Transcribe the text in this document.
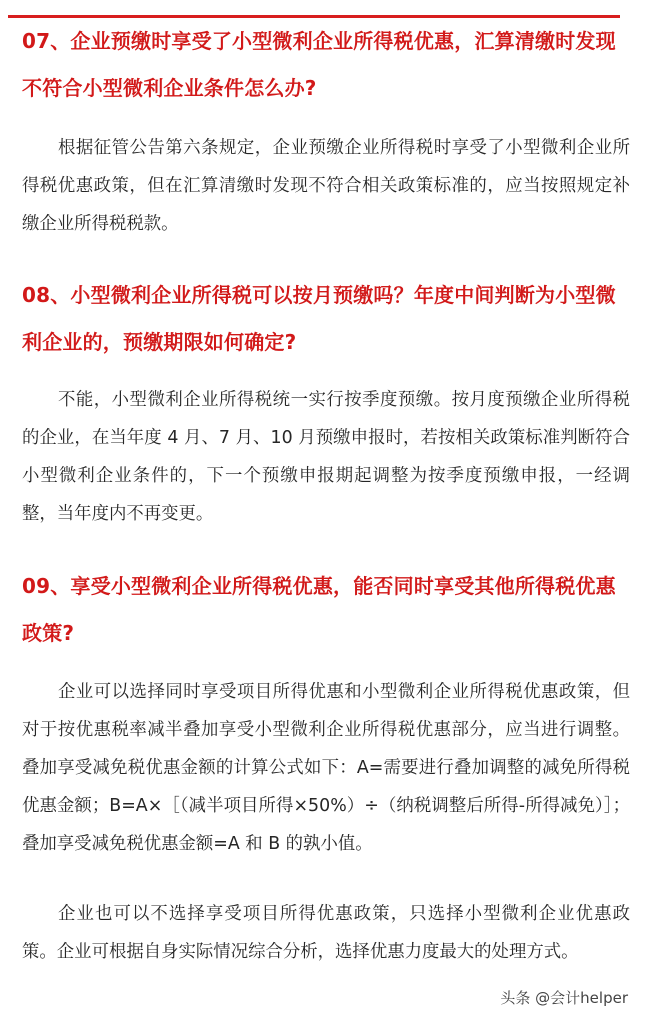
07、企业预缴时享受了小型微利企业所得税优惠，汇算清缴时发现不符合小型微利企业条件怎么办?

根据征管公告第六条规定，企业预缴企业所得税时享受了小型微利企业所得税优惠政策，但在汇算清缴时发现不符合相关政策标准的，应当按照规定补缴企业所得税税款。

08、小型微利企业所得税可以按月预缴吗？年度中间判断为小型微利企业的，预缴期限如何确定?

不能，小型微利企业所得税统一实行按季度预缴。按月度预缴企业所得税的企业，在当年度 4 月、7 月、10 月预缴申报时，若按相关政策标准判断符合小型微利企业条件的，下一个预缴申报期起调整为按季度预缴申报，一经调整，当年度内不再变更。

09、享受小型微利企业所得税优惠，能否同时享受其他所得税优惠政策?

企业可以选择同时享受项目所得优惠和小型微利企业所得税优惠政策，但对于按优惠税率减半叠加享受小型微利企业所得税优惠部分，应当进行调整。叠加享受减免税优惠金额的计算公式如下：A=需要进行叠加调整的减免所得税优惠金额；B=A×［（减半项目所得×50%）÷（纳税调整后所得-所得减免）］；叠加享受减免税优惠金额=A 和 B 的孰小值。

企业也可以不选择享受项目所得优惠政策，只选择小型微利企业优惠政策。企业可根据自身实际情况综合分析，选择优惠力度最大的处理方式。

头条 @会计helper
